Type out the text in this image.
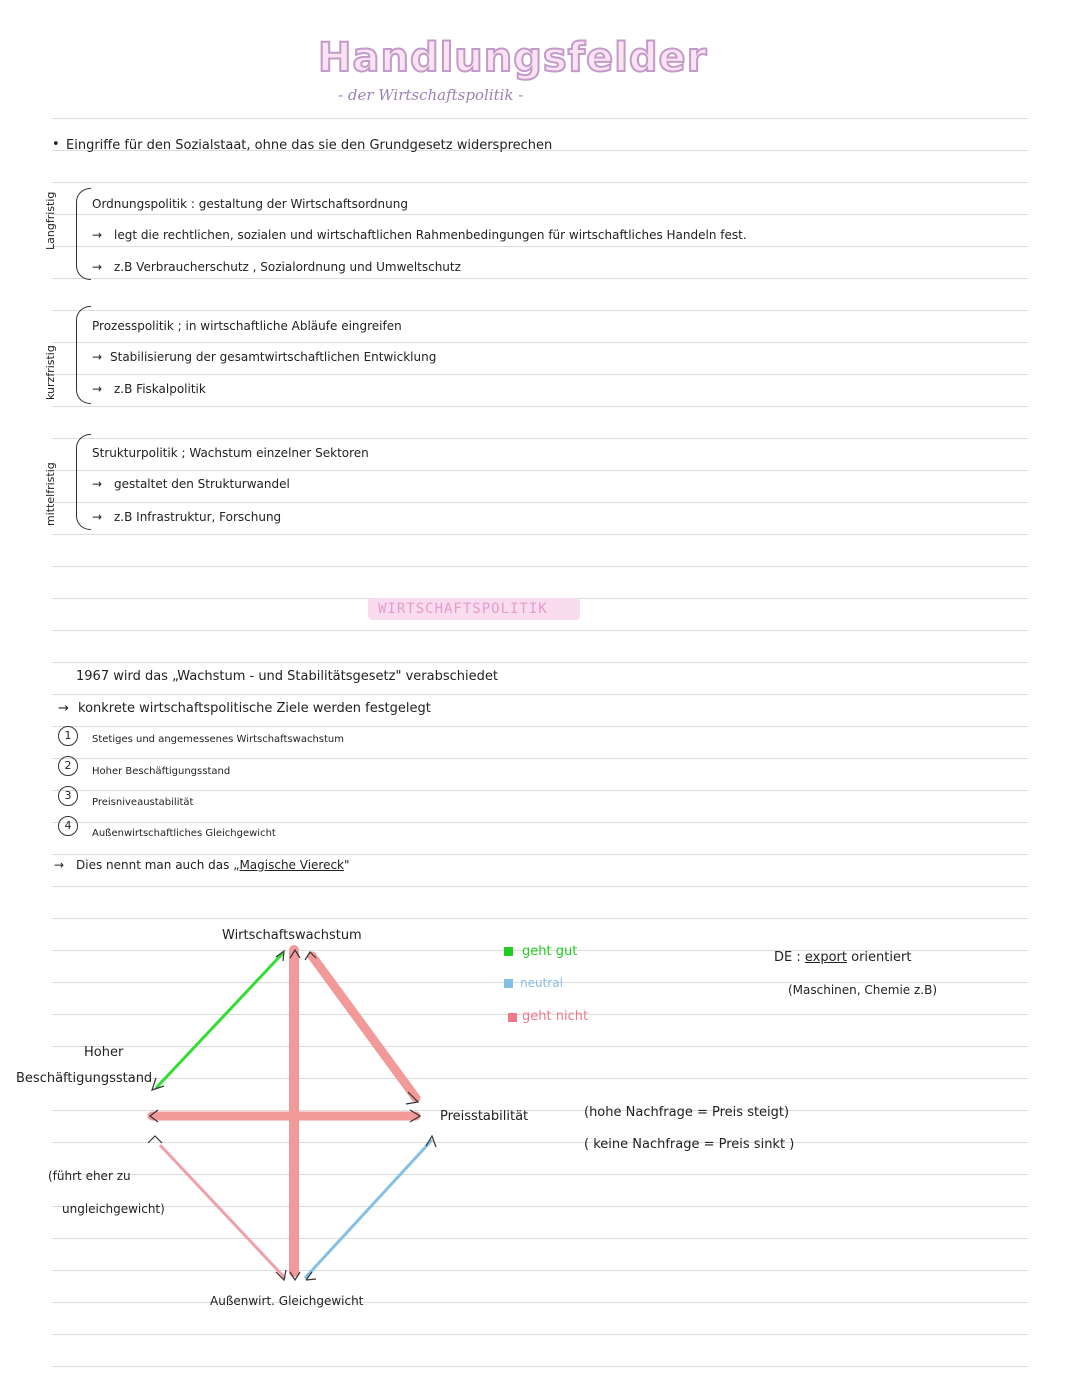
Handlungsfelder
- der Wirtschaftspolitik -
• Eingriffe für den Sozialstaat, ohne das sie den Grundgesetz widersprechen
Langfristig	Ordnungspolitik : gestaltung der Wirtschaftsordnung
→ legt die rechtlichen, sozialen und wirtschaftlichen Rahmenbedingungen für wirtschaftliches Handeln fest.
→ z.B Verbraucherschutz , Sozialordnung und Umweltschutz
kurzfristig
Prozesspolitik ; in wirtschaftliche Abläufe eingreifen
→ Stabilisierung der gesamtwirtschaftlichen Entwicklung
→ z.B Fiskalpolitik
mittelfristig
Strukturpolitik ; Wachstum einzelner Sektoren
→ gestaltet den Strukturwandel
→ z.B Infrastruktur, Forschung
WIRTSCHAFTSPOLITIK
1967 wird das „Wachstum - und Stabilitätsgesetz" verabschiedet
→ konkrete wirtschaftspolitische Ziele werden festgelegt
1	Stetiges und angemessenes Wirtschaftswachstum
2	Hoher Beschäftigungsstand
3
Preisniveaustabilität
4
Außenwirtschaftliches Gleichgewicht
→ Dies nennt man auch das „Magische Viereck"
Wirtschaftswachstum
Hoher
Beschäftigungsstand
Preisstabilität
Außenwirt. Gleichgewicht
(führt eher zu
ungleichgewicht)
(hohe Nachfrage = Preis steigt)
( keine Nachfrage = Preis sinkt )
geht gut
neutral
geht nicht
DE : export orientiert
(Maschinen, Chemie z.B)
